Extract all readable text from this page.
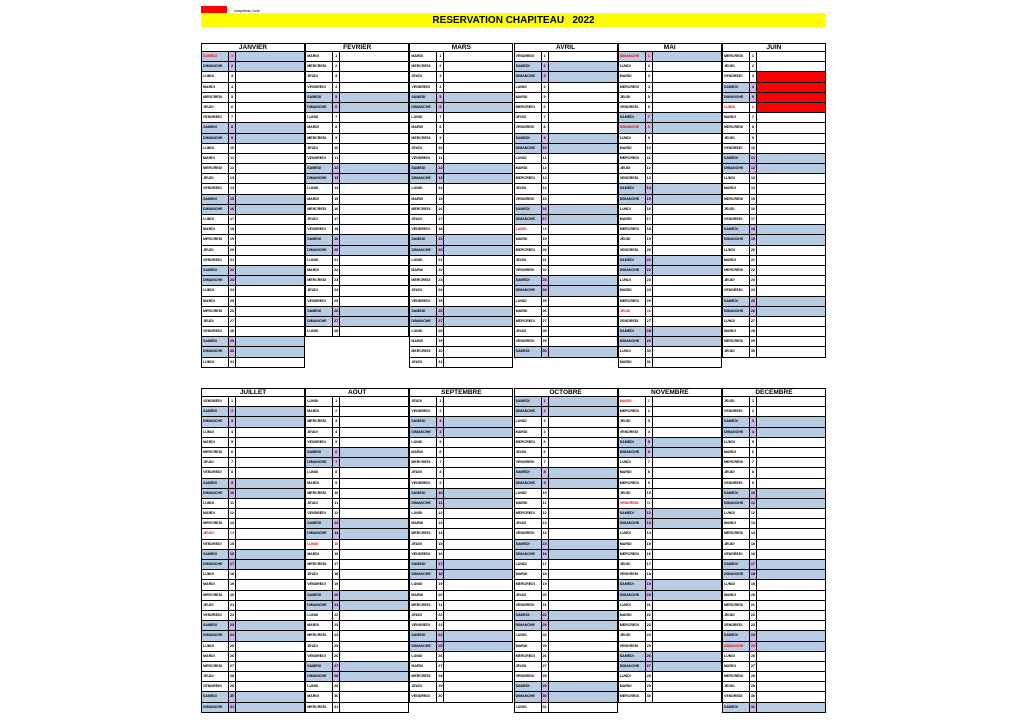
chapiteau loué
RESERVATION CHAPITEAU   2022
JANVIER
SAMEDI	1
DIMANCHE	2
LUNDI	3
MARDI	4
MERCREDI	5
JEUDI	6
VENDREDI	7
SAMEDI	8
DIMANCHE	9
LUNDI	10
MARDI	11
MERCREDI	12
JEUDI	13
VENDREDI	14
SAMEDI	15
DIMANCHE	16
LUNDI	17
MARDI	18
MERCREDI	19
JEUDI	20
VENDREDI	21
SAMEDI	22
DIMANCHE	23
LUNDI	24
MARDI	25
MERCREDI	26
JEUDI	27
VENDREDI	28
SAMEDI	29
DIMANCHE	30
LUNDI	31
FEVRIER
MARDI	1
MERCREDI	2
JEUDI	3
VENDREDI	4
SAMEDI	5
DIMANCHE	6
LUNDI	7
MARDI	8
MERCREDI	9
JEUDI	10
VENDREDI	11
SAMEDI	12
DIMANCHE	13
LUNDI	14
MARDI	15
MERCREDI	16
JEUDI	17
VENDREDI	18
SAMEDI	19
DIMANCHE	20
LUNDI	21
MARDI	22
MERCREDI	23
JEUDI	24
VENDREDI	25
SAMEDI	26
DIMANCHE	27
LUNDI	28
MARS
MARDI	1
MERCREDI	2
JEUDI	3
VENDREDI	4
SAMEDI	5
DIMANCHE	6
LUNDI	7
MARDI	8
MERCREDI	9
JEUDI	10
VENDREDI	11
SAMEDI	12
DIMANCHE	13
LUNDI	14
MARDI	15
MERCREDI	16
JEUDI	17
VENDREDI	18
SAMEDI	19
DIMANCHE	20
LUNDI	21
MARDI	22
MERCREDI	23
JEUDI	24
VENDREDI	25
SAMEDI	26
DIMANCHE	27
LUNDI	28
MARDI	29
MERCREDI	30
JEUDI	31
AVRIL
VENDREDI	1
SAMEDI	2
DIMANCHE	3
LUNDI	4
MARDI	5
MERCREDI	6
JEUDI	7
VENDREDI	8
SAMEDI	9
DIMANCHE	10
LUNDI	11
MARDI	12
MERCREDI	13
JEUDI	14
VENDREDI	15
SAMEDI	16
DIMANCHE	17
LUNDI	18
MARDI	19
MERCREDI	20
JEUDI	21
VENDREDI	22
SAMEDI	23
DIMANCHE	24
LUNDI	25
MARDI	26
MERCREDI	27
JEUDI	28
VENDREDI	29
SAMEDI	30
MAI
DIMANCHE	1
LUNDI	2
MARDI	3
MERCREDI	4
JEUDI	5
VENDREDI	6
SAMEDI	7
DIMANCHE	8
LUNDI	9
MARDI	10
MERCREDI	11
JEUDI	12
VENDREDI	13
SAMEDI	14
DIMANCHE	15
LUNDI	16
MARDI	17
MERCREDI	18
JEUDI	19
VENDREDI	20
SAMEDI	21
DIMANCHE	22
LUNDI	23
MARDI	24
MERCREDI	25
JEUDI	26
VENDREDI	27
SAMEDI	28
DIMANCHE	29
LUNDI	30
MARDI	31
JUIN
MERCREDI	1
JEUDI	2
VENDREDI	3
SAMEDI	4
DIMANCHE	5
LUNDI	6
MARDI	7
MERCREDI	8
JEUDI	9
VENDREDI	10
SAMEDI	11
DIMANCHE	12
LUNDI	13
MARDI	14
MERCREDI	15
JEUDI	16
VENDREDI	17
SAMEDI	18
DIMANCHE	19
LUNDI	20
MARDI	21
MERCREDI	22
JEUDI	23
VENDREDI	24
SAMEDI	25
DIMANCHE	26
LUNDI	27
MARDI	28
MERCREDI	29
JEUDI	30
JUILLET
VENDREDI	1
SAMEDI	2
DIMANCHE	3
LUNDI	4
MARDI	5
MERCREDI	6
JEUDI	7
VENDREDI	8
SAMEDI	9
DIMANCHE	10
LUNDI	11
MARDI	12
MERCREDI	13
JEUDI	14
VENDREDI	15
SAMEDI	16
DIMANCHE	17
LUNDI	18
MARDI	19
MERCREDI	20
JEUDI	21
VENDREDI	22
SAMEDI	23
DIMANCHE	24
LUNDI	25
MARDI	26
MERCREDI	27
JEUDI	28
VENDREDI	29
SAMEDI	30
DIMANCHE	31
AOUT
LUNDI	1
MARDI	2
MERCREDI	3
JEUDI	4
VENDREDI	5
SAMEDI	6
DIMANCHE	7
LUNDI	8
MARDI	9
MERCREDI	10
JEUDI	11
VENDREDI	12
SAMEDI	13
DIMANCHE	14
LUNDI	15
MARDI	16
MERCREDI	17
JEUDI	18
VENDREDI	19
SAMEDI	20
DIMANCHE	21
LUNDI	22
MARDI	23
MERCREDI	24
JEUDI	25
VENDREDI	26
SAMEDI	27
DIMANCHE	28
LUNDI	29
MARDI	30
MERCREDI	31
SEPTEMBRE
JEUDI	1
VENDREDI	2
SAMEDI	3
DIMANCHE	4
LUNDI	5
MARDI	6
MERCREDI	7
JEUDI	8
VENDREDI	9
SAMEDI	10
DIMANCHE	11
LUNDI	12
MARDI	13
MERCREDI	14
JEUDI	15
VENDREDI	16
SAMEDI	17
DIMANCHE	18
LUNDI	19
MARDI	20
MERCREDI	21
JEUDI	22
VENDREDI	23
SAMEDI	24
DIMANCHE	25
LUNDI	26
MARDI	27
MERCREDI	28
JEUDI	29
VENDREDI	30
OCTOBRE
SAMEDI	1
DIMANCHE	2
LUNDI	3
MARDI	4
MERCREDI	5
JEUDI	6
VENDREDI	7
SAMEDI	8
DIMANCHE	9
LUNDI	10
MARDI	11
MERCREDI	12
JEUDI	13
VENDREDI	14
SAMEDI	15
DIMANCHE	16
LUNDI	17
MARDI	18
MERCREDI	19
JEUDI	20
VENDREDI	21
SAMEDI	22
DIMANCHE	23
LUNDI	24
MARDI	25
MERCREDI	26
JEUDI	27
VENDREDI	28
SAMEDI	29
DIMANCHE	30
LUNDI	31
NOVEMBRE
MARDI	1
MERCREDI	2
JEUDI	3
VENDREDI	4
SAMEDI	5
DIMANCHE	6
LUNDI	7
MARDI	8
MERCREDI	9
JEUDI	10
VENDREDI	11
SAMEDI	12
DIMANCHE	13
LUNDI	14
MARDI	15
MERCREDI	16
JEUDI	17
VENDREDI	18
SAMEDI	19
DIMANCHE	20
LUNDI	21
MARDI	22
MERCREDI	23
JEUDI	24
VENDREDI	25
SAMEDI	26
DIMANCHE	27
LUNDI	28
MARDI	29
MERCREDI	30
DECEMBRE
JEUDI	1
VENDREDI	2
SAMEDI	3
DIMANCHE	4
LUNDI	5
MARDI	6
MERCREDI	7
JEUDI	8
VENDREDI	9
SAMEDI	10
DIMANCHE	11
LUNDI	12
MARDI	13
MERCREDI	14
JEUDI	15
VENDREDI	16
SAMEDI	17
DIMANCHE	18
LUNDI	19
MARDI	20
MERCREDI	21
JEUDI	22
VENDREDI	23
SAMEDI	24
DIMANCHE	25
LUNDI	26
MARDI	27
MERCREDI	28
JEUDI	29
VENDREDI	30
SAMEDI	31
